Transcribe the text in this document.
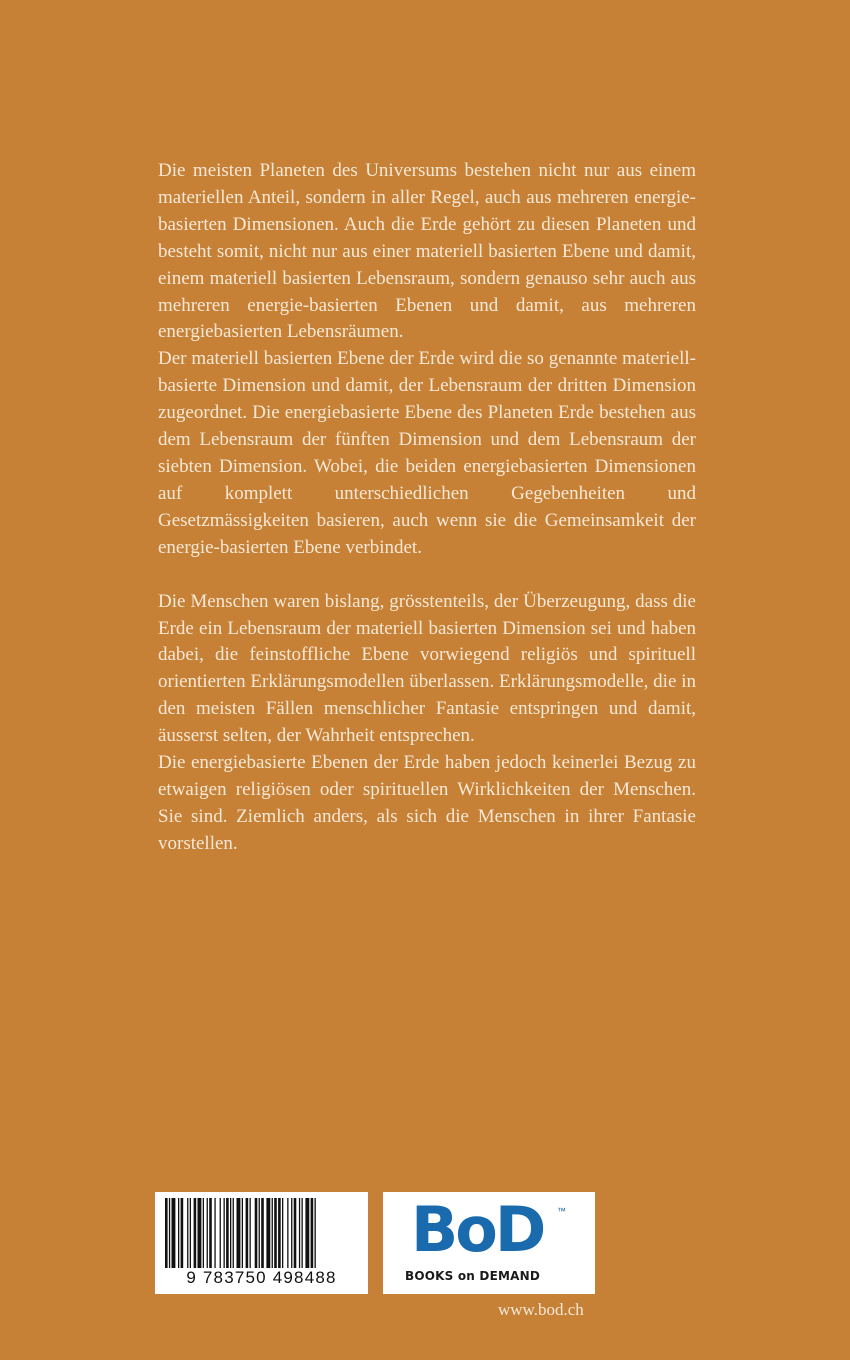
Die meisten Planeten des Universums bestehen nicht nur aus einem materiellen Anteil, sondern in aller Regel, auch aus mehreren energie-basierten Dimensionen. Auch die Erde gehört zu diesen Planeten und besteht somit, nicht nur aus einer materiell basierten Ebene und damit, einem materiell basierten Lebensraum, sondern genauso sehr auch aus mehreren energie-basierten Ebenen und damit, aus mehreren energiebasierten Lebensräumen.

Der materiell basierten Ebene der Erde wird die so genannte materiell-basierte Dimension und damit, der Lebensraum der dritten Dimension zugeordnet. Die energiebasierte Ebene des Planeten Erde bestehen aus dem Lebensraum der fünften Dimension und dem Lebensraum der siebten Dimension. Wobei, die beiden energiebasierten Dimensionen auf komplett unterschiedlichen Gegebenheiten und Gesetzmässigkeiten basieren, auch wenn sie die Gemeinsamkeit der energie-basierten Ebene verbindet.

Die Menschen waren bislang, grösstenteils, der Überzeugung, dass die Erde ein Lebensraum der materiell basierten Dimension sei und haben dabei, die feinstoffliche Ebene vorwiegend religiös und spirituell orientierten Erklärungsmodellen überlassen. Erklärungsmodelle, die in den meisten Fällen menschlicher Fantasie entspringen und damit, äusserst selten, der Wahrheit entsprechen.

Die energiebasierte Ebenen der Erde haben jedoch keinerlei Bezug zu etwaigen religiösen oder spirituellen Wirklichkeiten der Menschen. Sie sind. Ziemlich anders, als sich die Menschen in ihrer Fantasie vorstellen.

9 783750 498488
BoD ™
BOOKS on DEMAND
www.bod.ch
